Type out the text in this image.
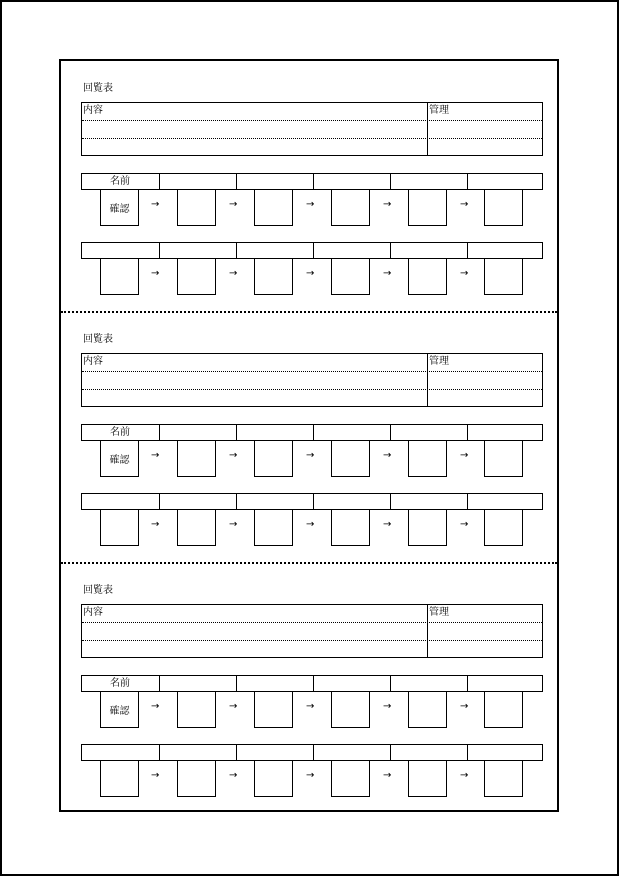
回覧表
内容	管理
名前
確認 →	→	→	→	→
→	→	→	→	→
回覧表
内容	管理
名前
確認 →	→	→	→	→
→	→	→	→	→
回覧表
内容	管理
名前
確認 →	→	→	→	→
→	→	→	→	→
